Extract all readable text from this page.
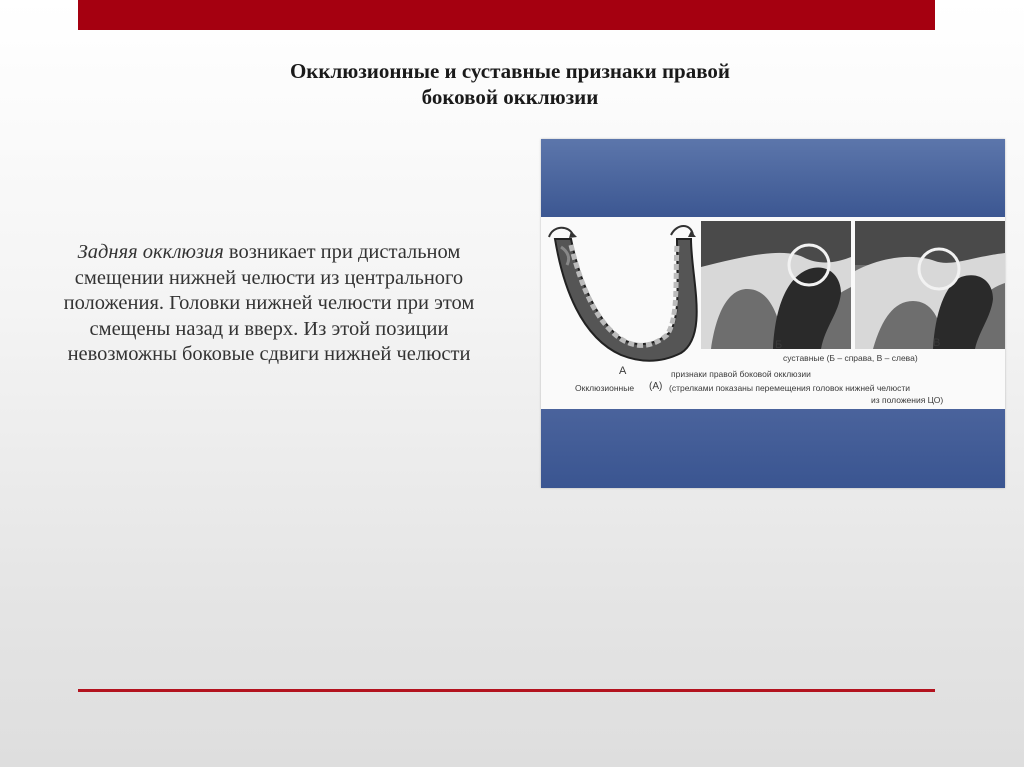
Окклюзионные и суставные признаки правой
боковой окклюзии
Задняя окклюзия возникает при дистальном
смещении нижней челюсти из центрального
положения. Головки нижней челюсти при этом
смещены назад и вверх. Из этой позиции
невозможны боковые сдвиги нижней челюсти
А
Б	В
суставные (Б – справа, В – слева)
признаки правой боковой окклюзии
Окклюзионные (А) (стрелками показаны перемещения головок нижней челюсти
из положения ЦО)
